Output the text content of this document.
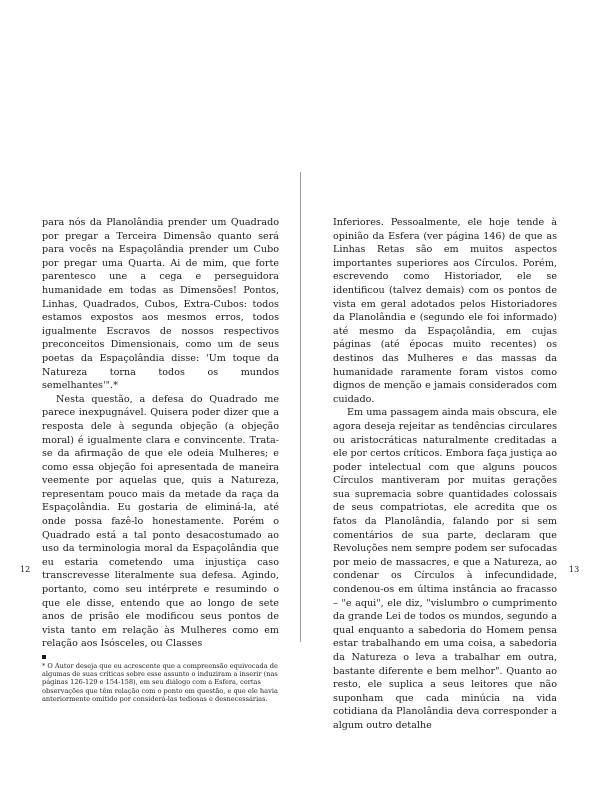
para nós da Planolândia prender um Quadrado por pregar a Terceira Dimensão quanto será para vocês na Espaçolândia prender um Cubo por pregar uma Quarta. Ai de mim, que forte parentesco une a cega e perseguidora humanidade em todas as Dimensões! Pontos, Linhas, Quadrados, Cubos, Extra-Cubos: todos estamos expostos aos mesmos erros, todos igualmente Escravos de nossos respectivos preconceitos Dimensionais, como um de seus poetas da Espaçolândia disse: 'Um toque da Natureza torna todos os mundos semelhantes'".*

Nesta questão, a defesa do Quadrado me parece inexpugnável. Quisera poder dizer que a resposta dele à segunda objeção (a objeção moral) é igualmente clara e convincente. Trata-se da afirmação de que ele odeia Mulheres; e como essa objeção foi apresentada de maneira veemente por aquelas que, quis a Natureza, representam pouco mais da metade da raça da Espaçolândia. Eu gostaria de eliminá-la, até onde possa fazê-lo honestamente. Porém o Quadrado está a tal ponto desacostumado ao uso da terminologia moral da Espaçolândia que eu estaria cometendo uma injustiça caso transcrevesse literalmente sua defesa. Agindo, portanto, como seu intérprete e resumindo o que ele disse, entendo que ao longo de sete anos de prisão ele modificou seus pontos de vista tanto em relação às Mulheres como em relação aos Isósceles, ou Classes

* O Autor deseja que eu acrescente que a compreensão equivocada de algumas de suas críticas sobre esse assunto o induziram a inserir (nas páginas 126-129 e 154-158), em seu diálogo com a Esfera, certas observações que têm relação com o ponto em questão, e que ele havia anteriormente omitido por considerá-las tediosas e desnecessárias.

12

Inferiores. Pessoalmente, ele hoje tende à opinião da Esfera (ver página 146) de que as Linhas Retas são em muitos aspectos importantes superiores aos Círculos. Porém, escrevendo como Historiador, ele se identificou (talvez demais) com os pontos de vista em geral adotados pelos Historiadores da Planolândia e (segundo ele foi informado) até mesmo da Espaçolândia, em cujas páginas (até épocas muito recentes) os destinos das Mulheres e das massas da humanidade raramente foram vistos como dignos de menção e jamais considerados com cuidado.

Em uma passagem ainda mais obscura, ele agora deseja rejeitar as tendências circulares ou aristocráticas naturalmente creditadas a ele por certos críticos. Embora faça justiça ao poder intelectual com que alguns poucos Círculos mantiveram por muitas gerações sua supremacia sobre quantidades colossais de seus compatriotas, ele acredita que os fatos da Planolândia, falando por si sem comentários de sua parte, declaram que Revoluções nem sempre podem ser sufocadas por meio de massacres, e que a Natureza, ao condenar os Círculos à infecundidade, condenou-os em última instância ao fracasso – "e aqui", ele diz, "vislumbro o cumprimento da grande Lei de todos os mundos, segundo a qual enquanto a sabedoria do Homem pensa estar trabalhando em uma coisa, a sabedoria da Natureza o leva a trabalhar em outra, bastante diferente e bem melhor". Quanto ao resto, ele suplica a seus leitores que não suponham que cada minúcia na vida cotidiana da Planolândia deva corresponder a algum outro detalhe

13
